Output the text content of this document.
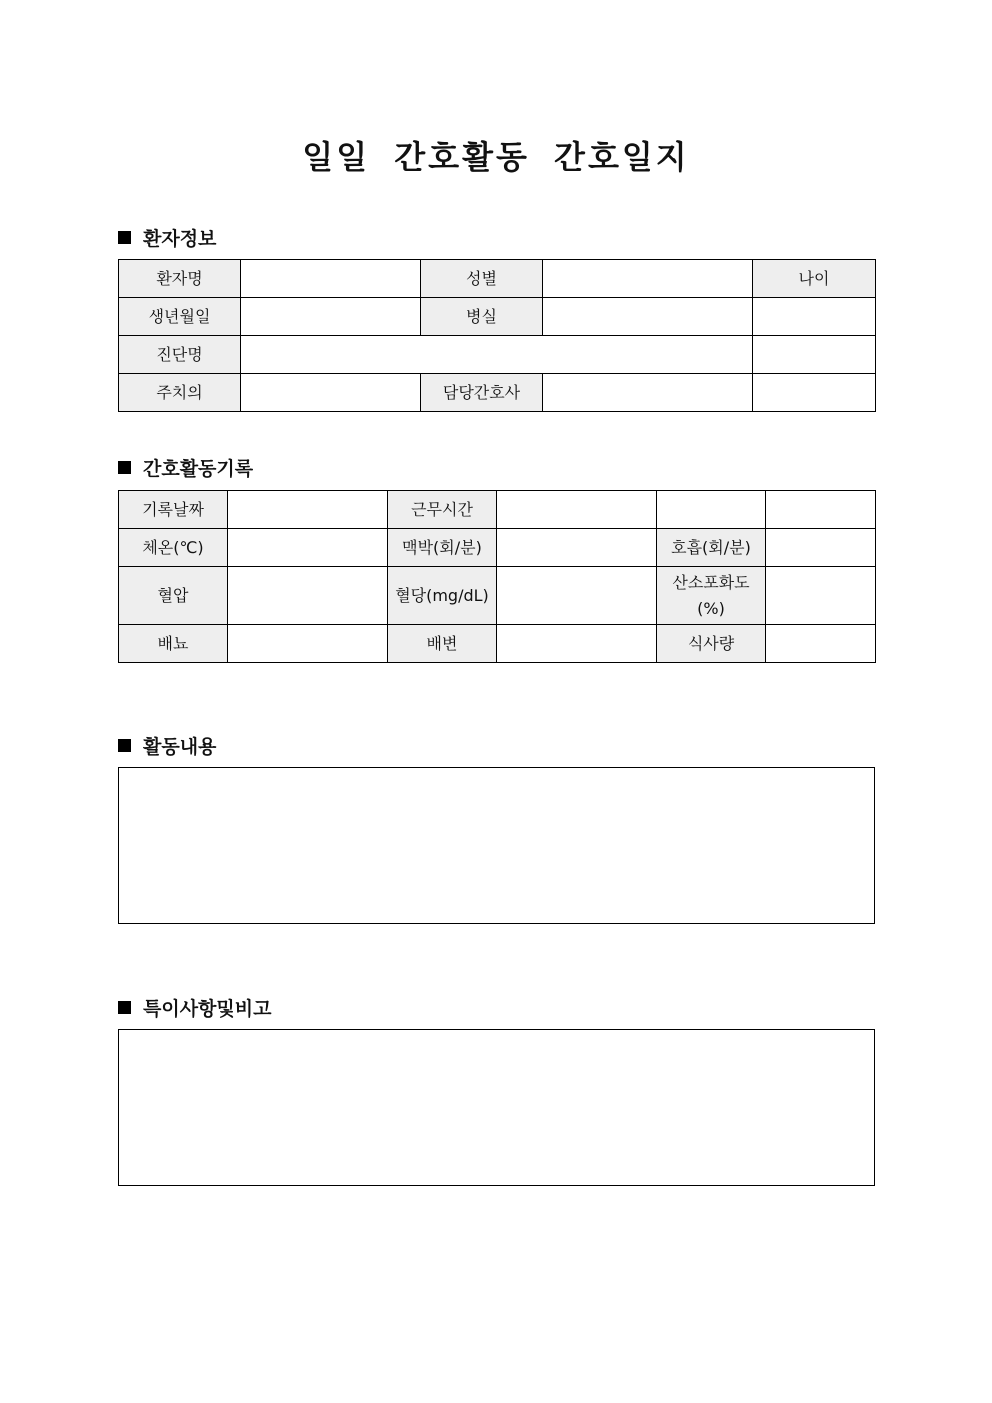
일일 간호활동 간호일지
환자정보
환자명		성별		나이
생년월일		병실		
진단명				
주치의		담당간호사		
간호활동기록
기록날짜		근무시간			
체온(℃)		맥박(회/분)		호흡(회/분)	
혈압		혈당(mg/dL)		산소포화도(%)	
배뇨		배변		식사량	
활동내용
특이사항및비고
